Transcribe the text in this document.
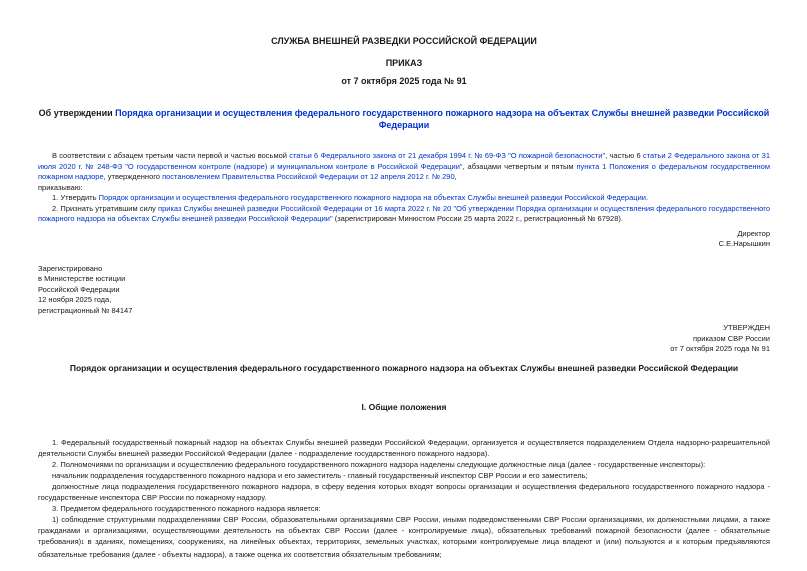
СЛУЖБА ВНЕШНЕЙ РАЗВЕДКИ РОССИЙСКОЙ ФЕДЕРАЦИИ
ПРИКАЗ
от 7 октября 2025 года № 91
Об утверждении Порядка организации и осуществления федерального государственного пожарного надзора на объектах Службы внешней разведки Российской Федерации

В соответствии с абзацем третьим части первой и частью восьмой статьи 6 Федерального закона от 21 декабря 1994 г. № 69-ФЗ "О пожарной безопасности", частью 6 статьи 2 Федерального закона от 31 июля 2020 г. № 248-ФЗ "О государственном контроле (надзоре) и муниципальном контроле в Российской Федерации", абзацами четвертым и пятым пункта 1 Положения о федеральном государственном пожарном надзоре, утвержденного постановлением Правительства Российской Федерации от 12 апреля 2012 г. № 290,

приказываю:

1. Утвердить Порядок организации и осуществления федерального государственного пожарного надзора на объектах Службы внешней разведки Российской Федерации.

2. Признать утратившим силу приказ Службы внешней разведки Российской Федерации от 16 марта 2022 г. № 20 "Об утверждении Порядка организации и осуществления федерального государственного пожарного надзора на объектах Службы внешней разведки Российской Федерации" (зарегистрирован Минюстом России 25 марта 2022 г., регистрационный № 67928).

Директор
С.Е.Нарышкин
Зарегистрировано
в Министерстве юстиции
Российской Федерации
12 ноября 2025 года,
регистрационный № 84147
УТВЕРЖДЕН
приказом СВР России
от 7 октября 2025 года № 91
Порядок организации и осуществления федерального государственного пожарного надзора на объектах Службы внешней разведки Российской Федерации
I. Общие положения

1. Федеральный государственный пожарный надзор на объектах Службы внешней разведки Российской Федерации, организуется и осуществляется подразделением Отдела надзорно-разрешительной деятельности Службы внешней разведки Российской Федерации (далее - подразделение государственного пожарного надзора).

2. Полномочиями по организации и осуществлению федерального государственного пожарного надзора наделены следующие должностные лица (далее - государственные инспекторы):

начальник подразделения государственного пожарного надзора и его заместитель - главный государственный инспектор СВР России и его заместитель;

должностные лица подразделения государственного пожарного надзора, в сферу ведения которых входят вопросы организации и осуществления федерального государственного пожарного надзора - государственные инспектора СВР России по пожарному надзору.

3. Предметом федерального государственного пожарного надзора является:

1) соблюдение структурными подразделениями СВР России, образовательными организациями СВР России, иными подведомственными СВР России организациями, их должностными лицами, а также гражданами и организациями, осуществляющими деятельность на объектах СВР России (далее - контролируемые лица), обязательных требований пожарной безопасности (далее - обязательные требования)1 в зданиях, помещениях, сооружениях, на линейных объектах, территориях, земельных участках, которыми контролируемые лица владеют и (или) пользуются и к которым предъявляются обязательные требования (далее - объекты надзора), а также оценка их соответствия обязательным требованиям;
